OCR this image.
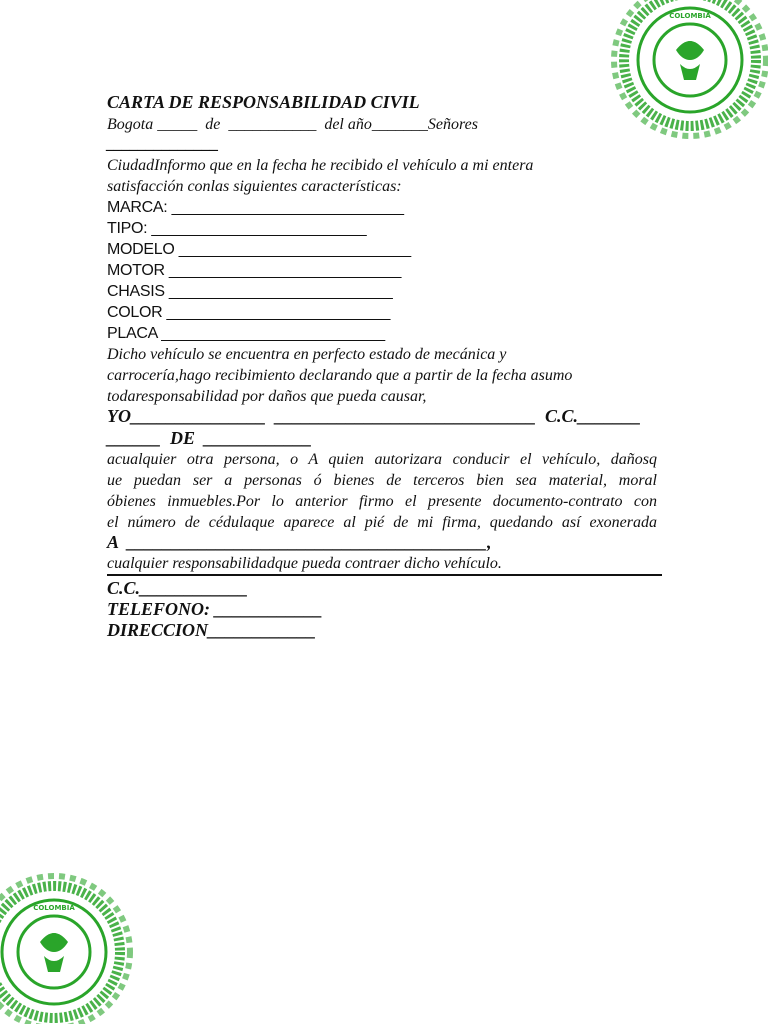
COLOMBIA
COLOMBIA
CARTA DE RESPONSABILIDAD CIVIL
Bogota _____  de  ___________  del año_______Señores
______________
CiudadInformo que en la fecha he recibido el vehículo a mi entera
satisfacción conlas siguientes características:
MARCA: ___________________________
TIPO: _________________________
MODELO ___________________________
MOTOR ___________________________
CHASIS __________________________
COLOR __________________________
PLACA __________________________
Dicho vehículo se encuentra en perfecto estado de mecánica y
carrocería,hago recibimiento declarando que a partir de la fecha asumo
todaresponsabilidad por daños que pueda causar,
YO_______________  _____________________________  C.C._______
______  DE  ____________
acualquier otra persona, o A quien autorizara conducir el vehículo, dañosq
ue puedan ser a personas ó bienes de terceros bien sea material, moral
óbienes inmuebles.Por lo anterior firmo el presente documento-contrato con
el número de cédulaque aparece al pié de mi firma, quedando así exonerada
A  ________________________________________,
cualquier responsabilidadque pueda contraer dicho vehículo.
C.C.____________
TELEFONO: ____________
DIRECCION____________
